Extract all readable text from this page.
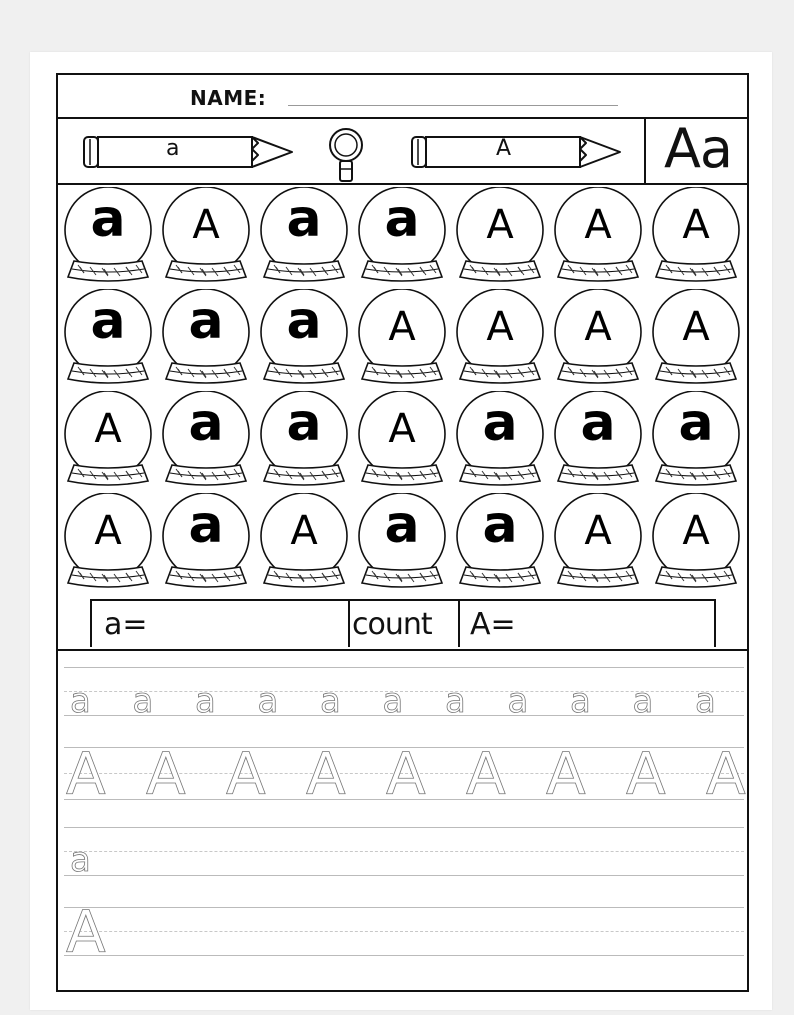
NAME:
a	A	Aa
a	A	a	a	A	A	A
a	a	a	A	A	A	A
A	a	a	A	a	a	a
A	a	A	a	a	A	A
a=	count A=
a a a a a a a a a a a
A A A A A A A A A
a
A
